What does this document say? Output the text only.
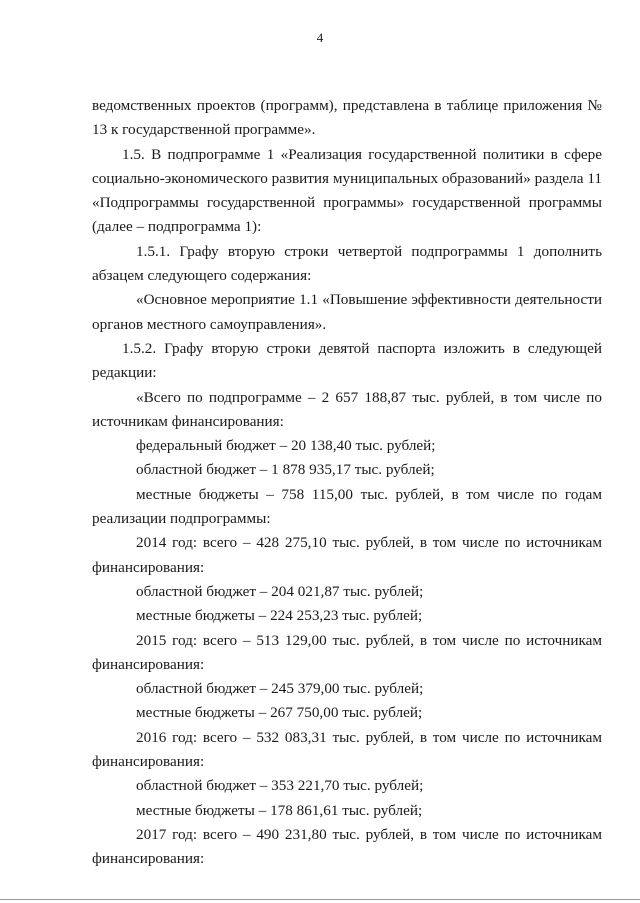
4

ведомственных проектов (программ), представлена в таблице приложения № 13 к государственной программе».

1.5. В подпрограмме 1 «Реализация государственной политики в сфере социально-экономического развития муниципальных образований» раздела 11 «Подпрограммы государственной программы» государственной программы (далее – подпрограмма 1):

1.5.1. Графу вторую строки четвертой подпрограммы 1 дополнить абзацем следующего содержания:

«Основное мероприятие 1.1 «Повышение эффективности деятельности органов местного самоуправления».

1.5.2. Графу вторую строки девятой паспорта изложить в следующей редакции:

«Всего по подпрограмме – 2 657 188,87 тыс. рублей, в том числе по источникам финансирования:

федеральный бюджет – 20 138,40 тыс. рублей;

областной бюджет – 1 878 935,17 тыс. рублей;

местные бюджеты – 758 115,00 тыс. рублей, в том числе по годам реализации подпрограммы:

2014 год: всего – 428 275,10 тыс. рублей, в том числе по источникам финансирования:

областной бюджет – 204 021,87 тыс. рублей;

местные бюджеты – 224 253,23 тыс. рублей;

2015 год: всего – 513 129,00 тыс. рублей, в том числе по источникам финансирования:

областной бюджет – 245 379,00 тыс. рублей;

местные бюджеты – 267 750,00 тыс. рублей;

2016 год: всего – 532 083,31 тыс. рублей, в том числе по источникам финансирования:

областной бюджет – 353 221,70 тыс. рублей;

местные бюджеты – 178 861,61 тыс. рублей;

2017 год: всего – 490 231,80 тыс. рублей, в том числе по источникам финансирования:
